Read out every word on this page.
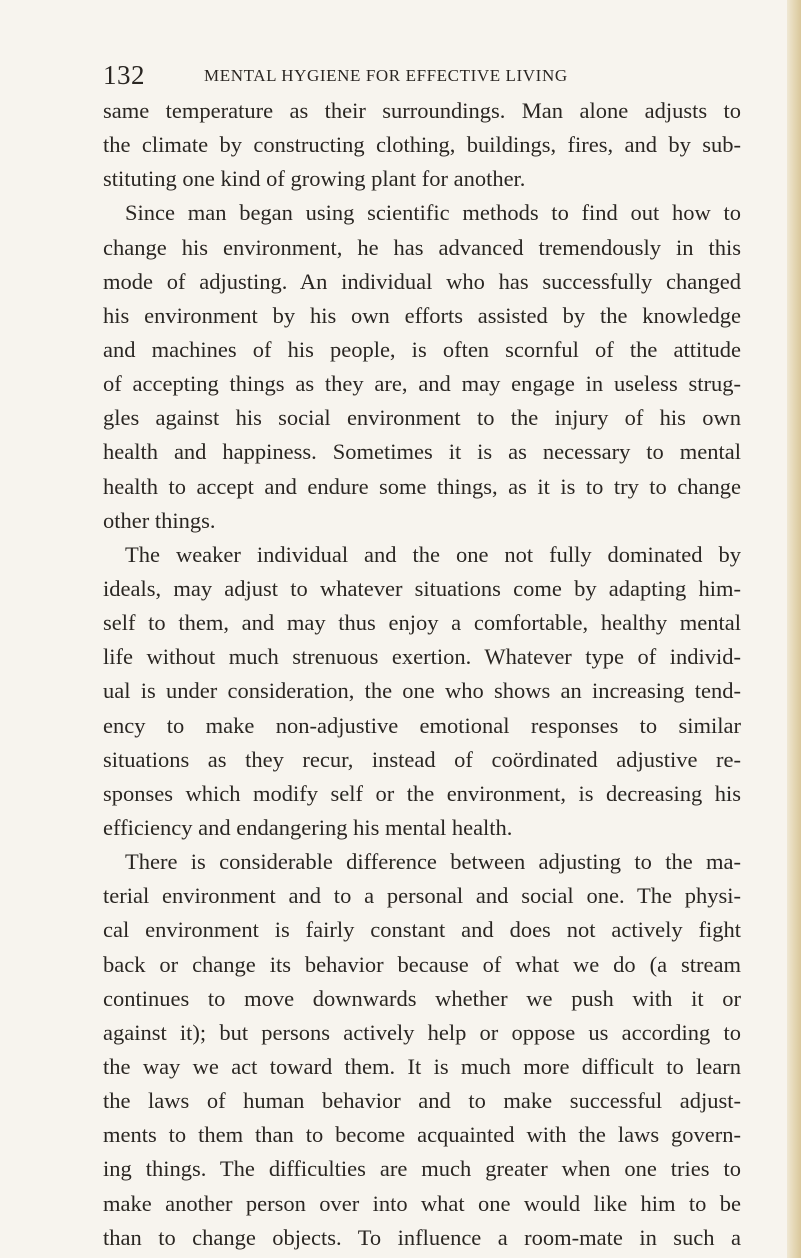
132	MENTAL HYGIENE FOR EFFECTIVE LIVING
same temperature as their surroundings. Man alone adjusts to
the climate by constructing clothing, buildings, fires, and by sub-
stituting one kind of growing plant for another.
Since man began using scientific methods to find out how to
change his environment, he has advanced tremendously in this
mode of adjusting. An individual who has successfully changed
his environment by his own efforts assisted by the knowledge
and machines of his people, is often scornful of the attitude
of accepting things as they are, and may engage in useless strug-
gles against his social environment to the injury of his own
health and happiness. Sometimes it is as necessary to mental
health to accept and endure some things, as it is to try to change
other things.
The weaker individual and the one not fully dominated by
ideals, may adjust to whatever situations come by adapting him-
self to them, and may thus enjoy a comfortable, healthy mental
life without much strenuous exertion. Whatever type of individ-
ual is under consideration, the one who shows an increasing tend-
ency to make non-adjustive emotional responses to similar
situations as they recur, instead of coördinated adjustive re-
sponses which modify self or the environment, is decreasing his
efficiency and endangering his mental health.
There is considerable difference between adjusting to the ma-
terial environment and to a personal and social one. The physi-
cal environment is fairly constant and does not actively fight
back or change its behavior because of what we do (a stream
continues to move downwards whether we push with it or
against it); but persons actively help or oppose us according to
the way we act toward them. It is much more difficult to learn
the laws of human behavior and to make successful adjust-
ments to them than to become acquainted with the laws govern-
ing things. The difficulties are much greater when one tries to
make another person over into what one would like him to be
than to change objects. To influence a room-mate in such a
